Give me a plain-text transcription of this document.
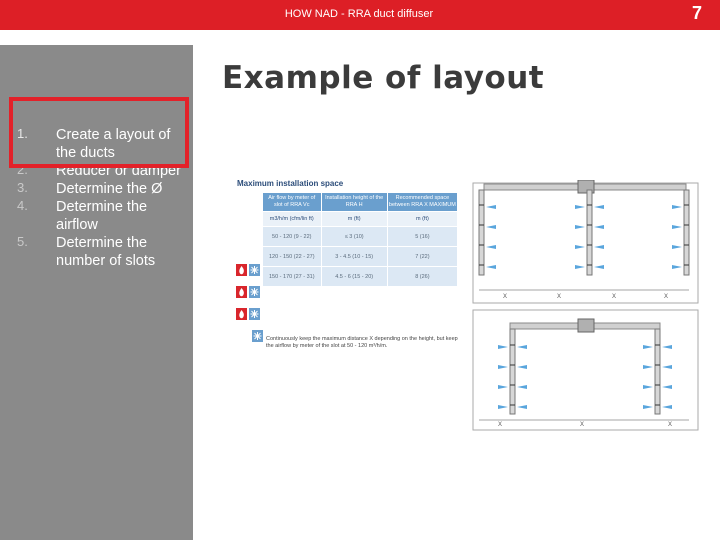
HOW NAD - RRA duct diffuser	7
Example of layout
1. Create a layout of the ducts
2. Reducer or damper
3. Determine the Ø
4. Determine the airflow
5. Determine the number of slots
Maximum installation space
Air flow by meter of slot of RRA Vc	Installation height of the RRA H	Recommended space between RRA X MAXIMUM
m3/h/m (cfm/lin ft)	m (ft)	m (ft)
50 - 120 (9 - 22)	≤ 3 (10)	5 (16)
120 - 150 (22 - 27)	3 - 4.5 (10 - 15)	7 (22)
150 - 170 (27 - 31)	4.5 - 6 (15 - 20)	8 (26)
Continuously keep the maximum distance X depending on the height, but keep the airflow by meter of the slot at 50 - 120 m³/h/m.
X	X	X	X
X	X	X
